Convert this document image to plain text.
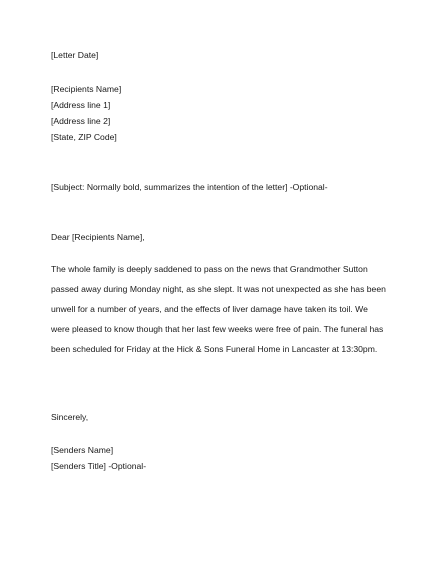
[Letter Date]
[Recipients Name]
[Address line 1]
[Address line 2]
[State, ZIP Code]
[Subject: Normally bold, summarizes the intention of the letter] -Optional-
Dear [Recipients Name],
The whole family is deeply saddened to pass on the news that Grandmother Sutton
passed away during Monday night, as she slept. It was not unexpected as she has been
unwell for a number of years, and the effects of liver damage have taken its toil. We
were pleased to know though that her last few weeks were free of pain. The funeral has
been scheduled for Friday at the Hick & Sons Funeral Home in Lancaster at 13:30pm.
Sincerely,
[Senders Name]
[Senders Title] -Optional-
